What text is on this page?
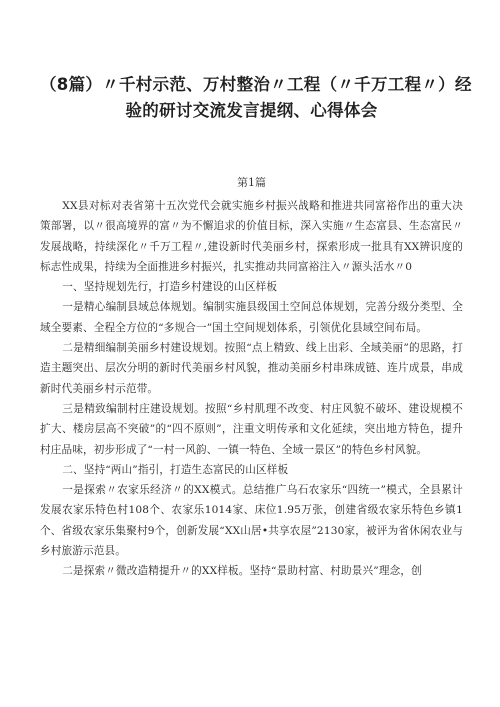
（8篇）〃千村示范、万村整治〃工程（〃千万工程〃）经
验的研讨交流发言提纲、心得体会
第1篇

XX县对标对表省第十五次党代会就实施乡村振兴战略和推进共同富裕作出的重大决策部署，以〃很高境界的富〃为不懈追求的价值目标，深入实施〃生态富县、生态富民〃发展战略，持续深化〃千万工程〃,建设新时代美丽乡村，探索形成一批具有XX辨识度的标志性成果，持续为全面推进乡村振兴，扎实推动共同富裕注入〃源头活水〃0

一、坚持规划先行，打造乡村建设的山区样板

一是精心编制县域总体规划。编制实施县级国土空间总体规划，完善分级分类型、全域全要素、全程全方位的“多规合一”国土空间规划体系，引领优化县域空间布局。

二是精细编制美丽乡村建设规划。按照“点上精致、线上出彩、全域美丽”的思路，打造主题突出、层次分明的新时代美丽乡村风貌，推动美丽乡村串珠成链、连片成景，串成新时代美丽乡村示范带。

三是精致编制村庄建设规划。按照“乡村肌理不改变、村庄风貌不破坏、建设规模不扩大、楼房层高不突破”的“四不原则”，注重文明传承和文化延续，突出地方特色，提升村庄品味，初步形成了“一村一风韵、一镇一特色、全域一景区”的特色乡村风貌。

二、坚持“两山”指引，打造生态富民的山区样板

一是探索〃农家乐经济〃的XX模式。总结推广乌石农家乐“四统一”模式，全县累计发展农家乐特色村108个、农家乐1014家、床位1.95万张，创建省级农家乐特色乡镇1个、省级农家乐集聚村9个，创新发展“XX山居•共享农屋”2130家，被评为省休闲农业与乡村旅游示范县。

二是探索〃微改造精提升〃的XX样板。坚持“景助村富、村助景兴”理念，创
